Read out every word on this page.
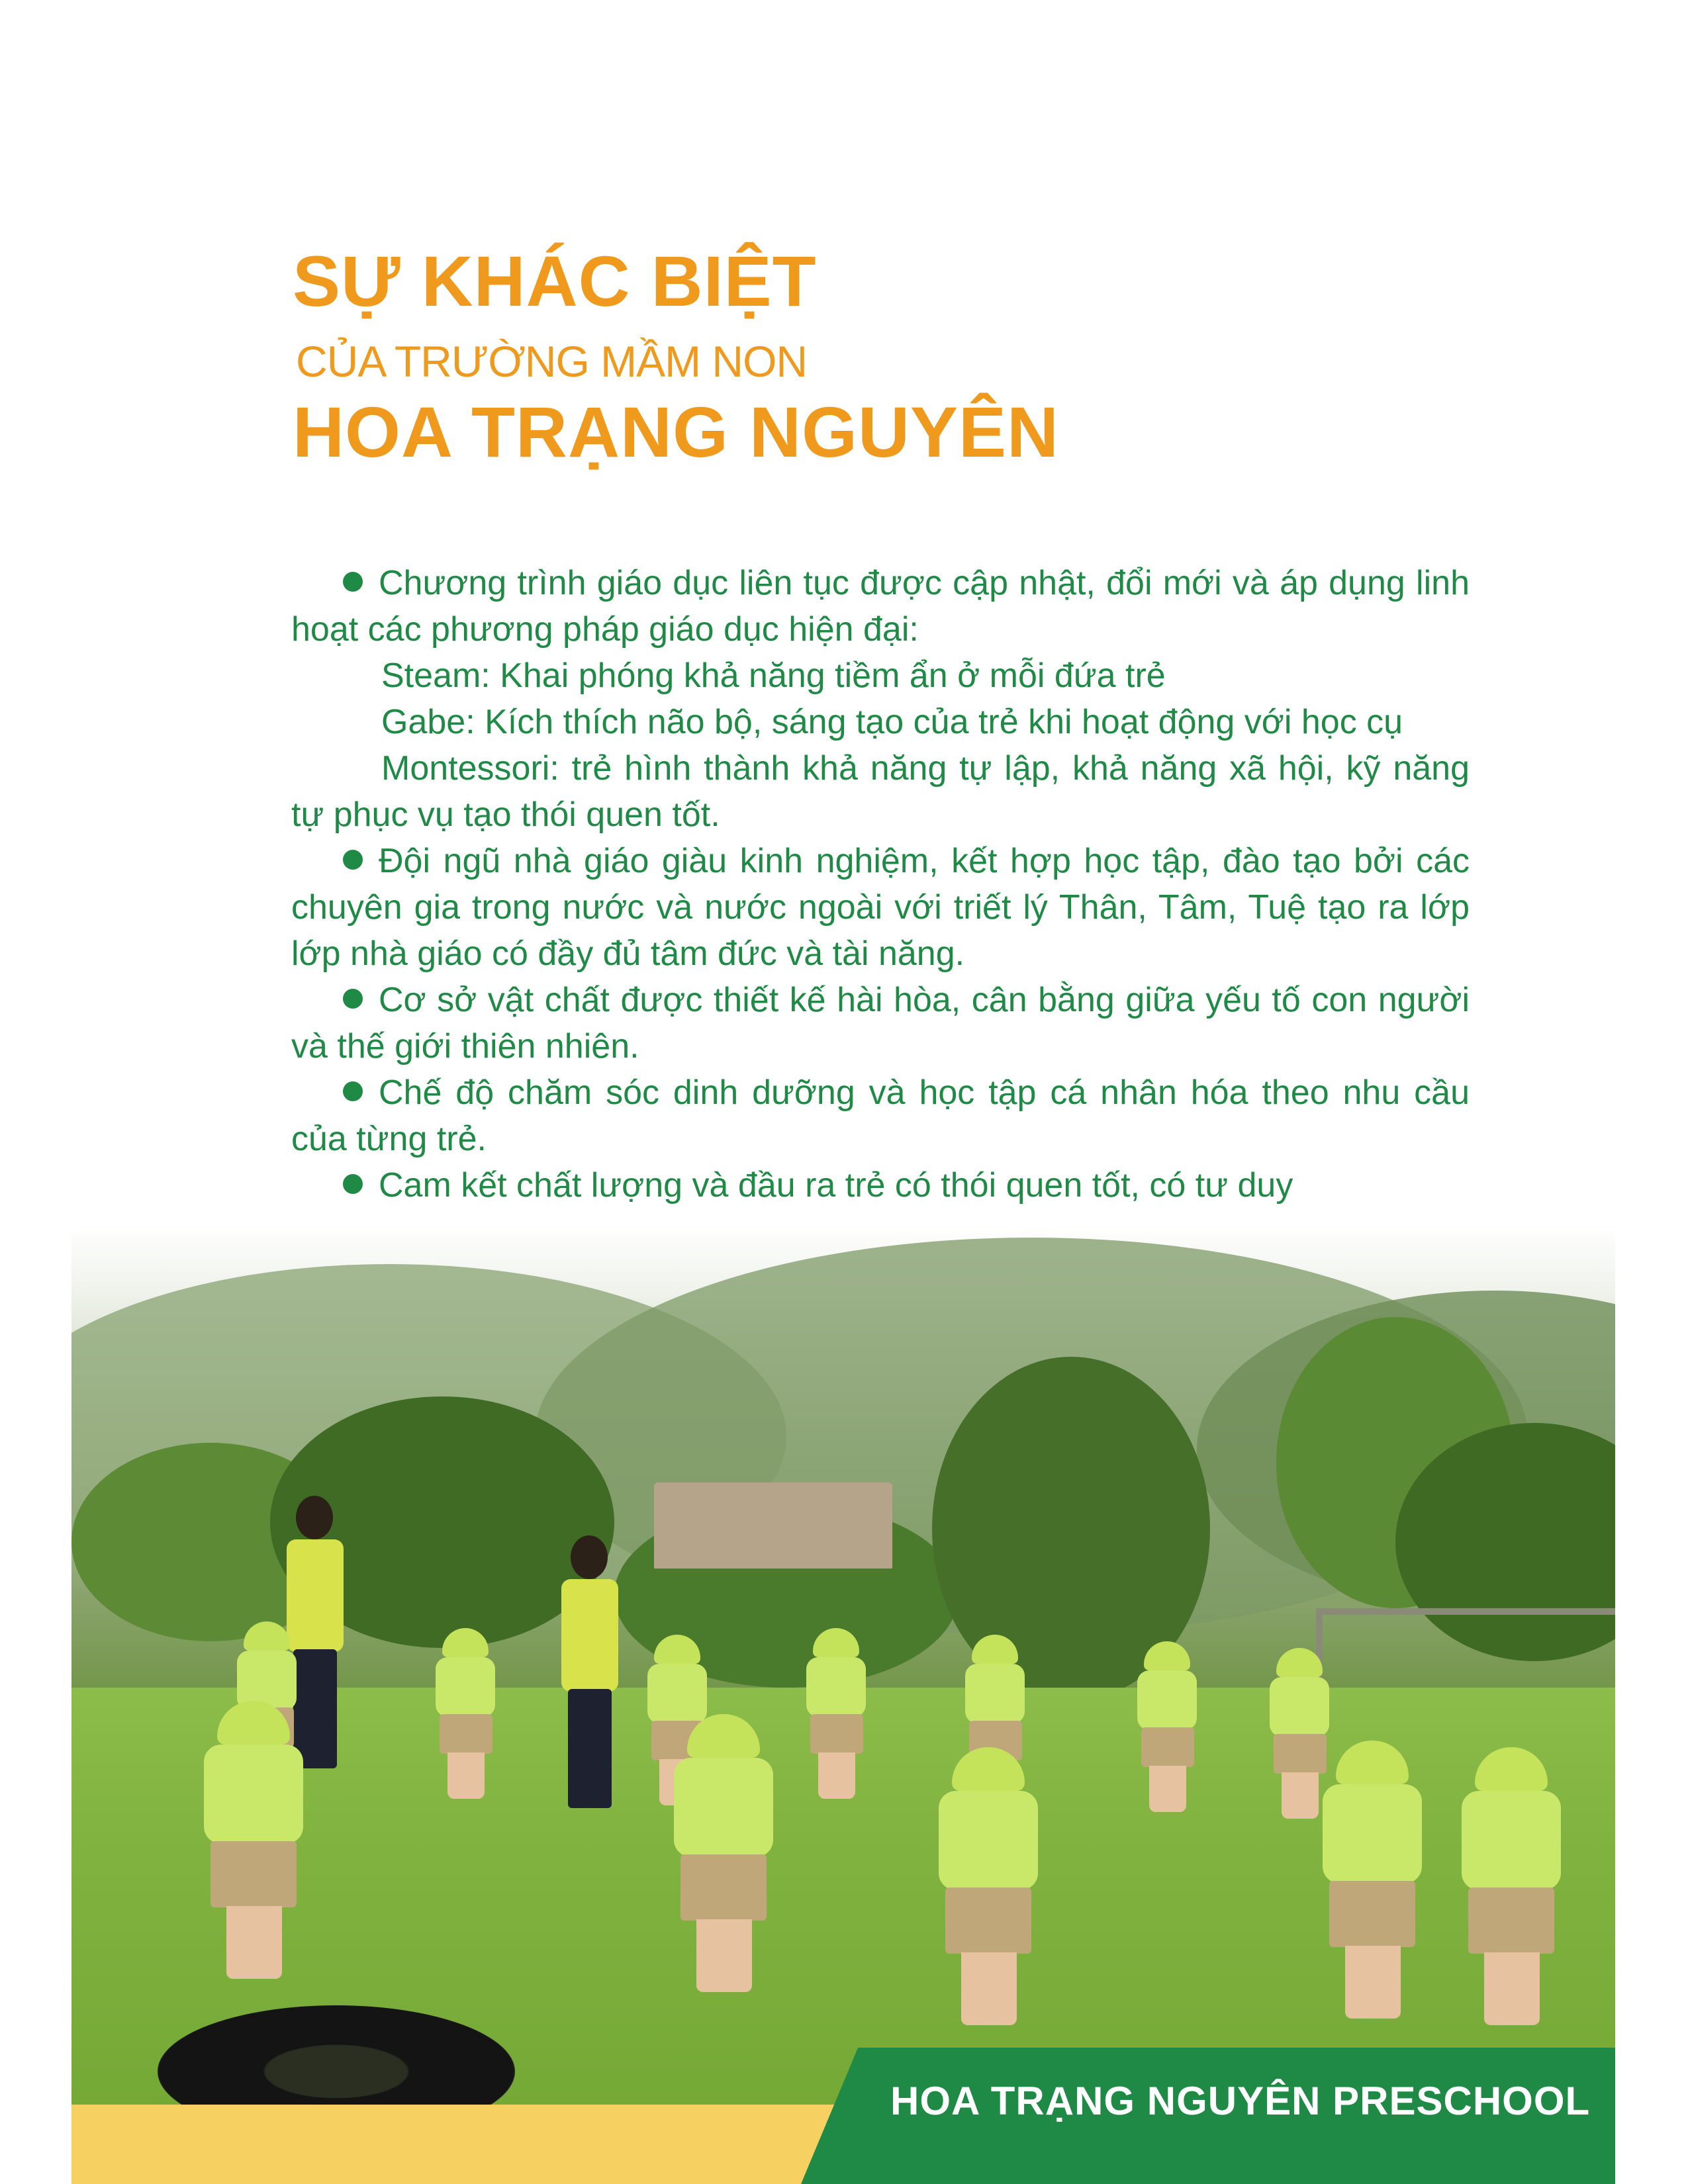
SỰ KHÁC BIỆT
CỦA TRƯỜNG MẦM NON
HOA TRẠNG NGUYÊN

Chương trình giáo dục liên tục được cập nhật, đổi mới và áp dụng linh hoạt các phương pháp giáo dục hiện đại:

Steam: Khai phóng khả năng tiềm ẩn ở mỗi đứa trẻ

Gabe: Kích thích não bộ, sáng tạo của trẻ khi hoạt động với học cụ

Montessori: trẻ hình thành khả năng tự lập, khả năng xã hội, kỹ năng tự phục vụ tạo thói quen tốt.

Đội ngũ nhà giáo giàu kinh nghiệm, kết hợp học tập, đào tạo bởi các chuyên gia trong nước và nước ngoài với triết lý Thân, Tâm, Tuệ tạo ra lớp lớp nhà giáo có đầy đủ tâm đức và tài năng.

Cơ sở vật chất được thiết kế hài hòa, cân bằng giữa yếu tố con người và thế giới thiên nhiên.

Chế độ chăm sóc dinh dưỡng và học tập cá nhân hóa theo nhu cầu của từng trẻ.

Cam kết chất lượng và đầu ra trẻ có thói quen tốt, có tư duy

HOA TRẠNG NGUYÊN PRESCHOOL
